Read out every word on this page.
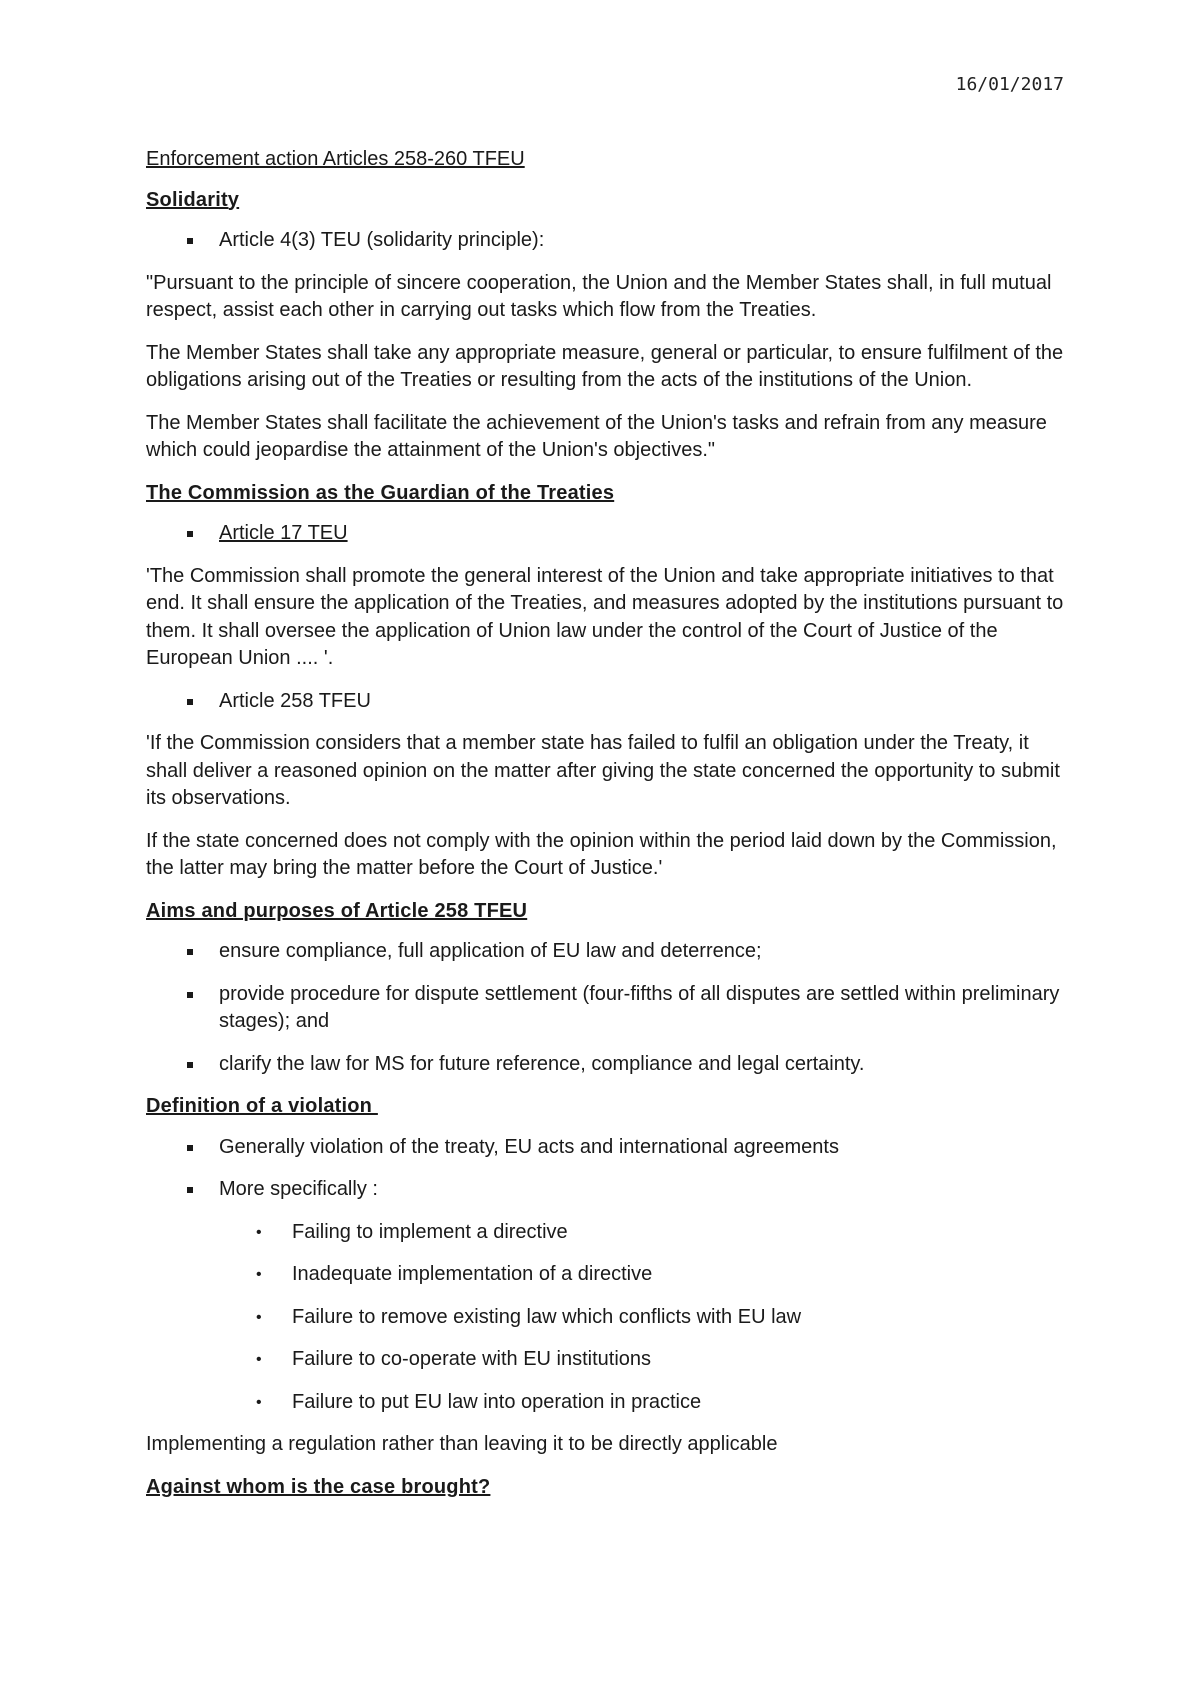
16/01/2017

Enforcement action Articles 258-260 TFEU

Solidarity

Article 4(3) TEU (solidarity principle):

"Pursuant to the principle of sincere cooperation, the Union and the Member States shall, in full mutual respect, assist each other in carrying out tasks which flow from the Treaties.

The Member States shall take any appropriate measure, general or particular, to ensure fulfilment of the obligations arising out of the Treaties or resulting from the acts of the institutions of the Union.

The Member States shall facilitate the achievement of the Union's tasks and refrain from any measure which could jeopardise the attainment of the Union's objectives."

The Commission as the Guardian of the Treaties

Article 17 TEU

'The Commission shall promote the general interest of the Union and take appropriate initiatives to that end. It shall ensure the application of the Treaties, and measures adopted by the institutions pursuant to them. It shall oversee the application of Union law under the control of the Court of Justice of the European Union .... '.

Article 258 TFEU

'If the Commission considers that a member state has failed to fulfil an obligation under the Treaty, it shall deliver a reasoned opinion on the matter after giving the state concerned the opportunity to submit its observations.

If the state concerned does not comply with the opinion within the period laid down by the Commission, the latter may bring the matter before the Court of Justice.'

Aims and purposes of Article 258 TFEU

ensure compliance, full application of EU law and deterrence;
provide procedure for dispute settlement (four-fifths of all disputes are settled within preliminary stages); and
clarify the law for MS for future reference, compliance and legal certainty.

Definition of a violation

Generally violation of the treaty, EU acts and international agreements
More specifically :
• Failing to implement a directive
• Inadequate implementation of a directive
• Failure to remove existing law which conflicts with EU law
• Failure to co-operate with EU institutions
• Failure to put EU law into operation in practice

Implementing a regulation rather than leaving it to be directly applicable

Against whom is the case brought?
